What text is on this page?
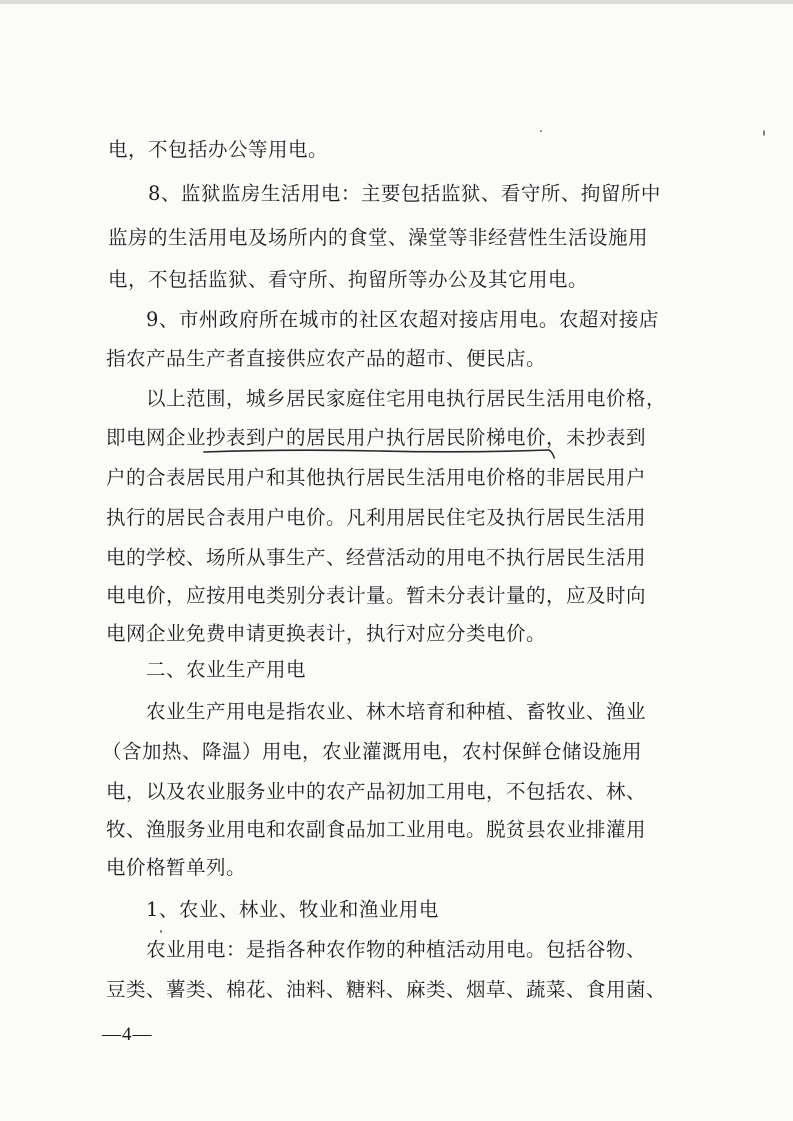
电，不包括办公等用电。
8、监狱监房生活用电：主要包括监狱、看守所、拘留所中
监房的生活用电及场所内的食堂、澡堂等非经营性生活设施用
电，不包括监狱、看守所、拘留所等办公及其它用电。
9、市州政府所在城市的社区农超对接店用电。农超对接店
指农产品生产者直接供应农产品的超市、便民店。
以上范围，城乡居民家庭住宅用电执行居民生活用电价格，
即电网企业抄表到户的居民用户执行居民阶梯电价
，未抄表到
户的合表居民用户和其他执行居民生活用电价格的非居民用户
执行的居民合表用户电价。凡利用居民住宅及执行居民生活用
电的学校、场所从事生产、经营活动的用电不执行居民生活用
电电价，应按用电类别分表计量。暂未分表计量的，应及时向
电网企业免费申请更换表计，执行对应分类电价。
二、农业生产用电
农业生产用电是指农业、林木培育和种植、畜牧业、渔业
（含加热、降温）用电，农业灌溉用电，农村保鲜仓储设施用
电，以及农业服务业中的农产品初加工用电，不包括农、林、
牧、渔服务业用电和农副食品加工业用电。脱贫县农业排灌用
电价格暂单列。
1、农业、林业、牧业和渔业用电
农业用电：是指各种农作物的种植活动用电。包括谷物、
豆类、薯类、棉花、油料、糖料、麻类、烟草、蔬菜、食用菌、
—4—
